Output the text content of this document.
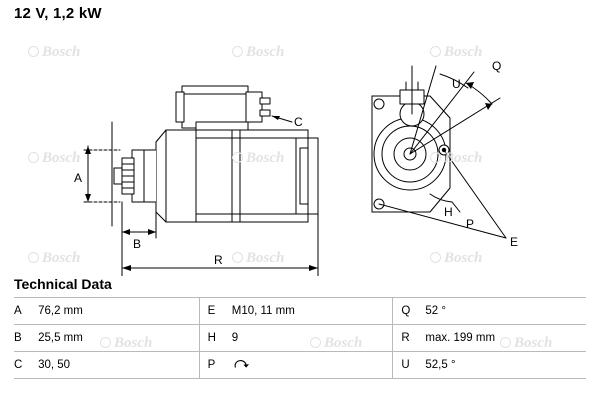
12 V, 1,2 kW
C
A
B
R
Q
U
E
H
P
Bosch	Bosch	Bosch
Bosch	Bosch	Bosch
Bosch	Bosch	Bosch
Bosch	Bosch	Bosch
Technical Data
A	76,2 mm		E	M10, 11 mm		Q	52 °
B	25,5 mm		H	9		R	max. 199 mm
C	30, 50		P			U	52,5 °
